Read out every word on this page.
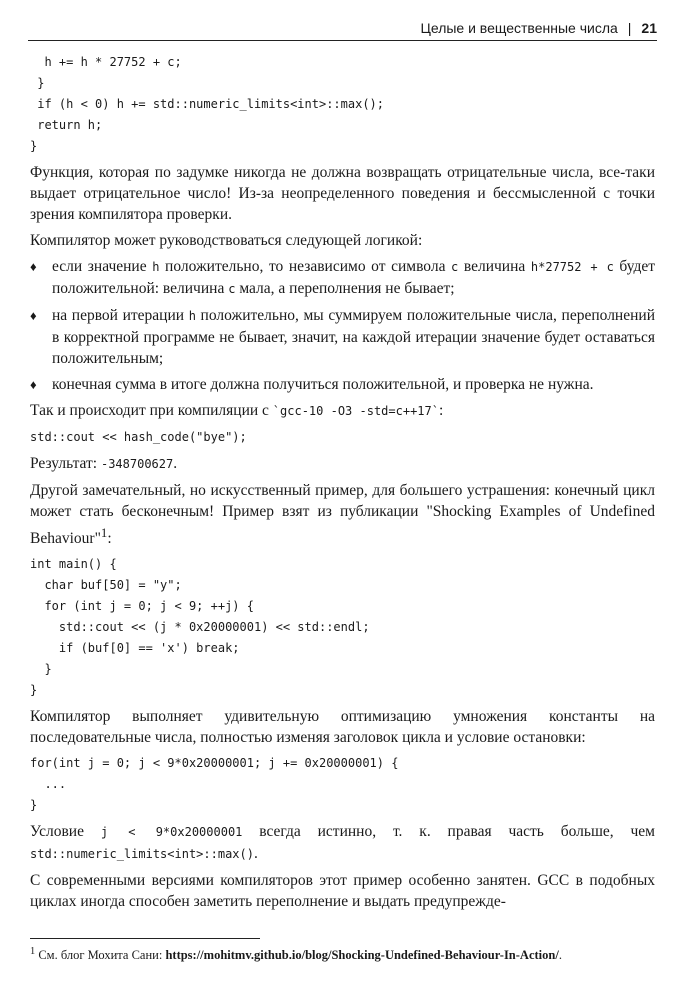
Целые и вещественные числа | 21
h += h * 27752 + c;
}
if (h < 0) h += std::numeric_limits<int>::max();
return h;
}

Функция, которая по задумке никогда не должна возвращать отрицательные числа, все-таки выдает отрицательное число! Из-за неопределенного поведения и бессмысленной с точки зрения компилятора проверки.

Компилятор может руководствоваться следующей логикой:

♦ если значение h положительно, то независимо от символа c величина h*27752 + c будет положительной: величина c мала, а переполнения не бывает;
♦ на первой итерации h положительно, мы суммируем положительные числа, переполнений в корректной программе не бывает, значит, на каждой итерации значение будет оставаться положительным;
♦ конечная сумма в итоге должна получиться положительной, и проверка не нужна.

Так и происходит при компиляции с `gcc-10 -O3 -std=c++17`:

std::cout << hash_code("bye");

Результат: -348700627.

Другой замечательный, но искусственный пример, для большего устрашения: конечный цикл может стать бесконечным! Пример взят из публикации "Shocking Examples of Undefined Behaviour"$^1$:

int main() {
char buf[50] = "y";
for (int j = 0; j < 9; ++j) {
std::cout << (j * 0x20000001) << std::endl;
if (buf[0] == 'x') break;
}
}

Компилятор выполняет удивительную оптимизацию умножения константы на последовательные числа, полностью изменяя заголовок цикла и условие остановки:

for(int j = 0; j < 9*0x20000001; j += 0x20000001) {
...
}

Условие j < 9*0x20000001 всегда истинно, т. к. правая часть больше, чем std::numeric_limits<int>::max().

С современными версиями компиляторов этот пример особенно занятен. GCC в подобных циклах иногда способен заметить переполнение и выдать предупрежде-

$^1$ См. блог Мохита Сани: https://mohitmv.github.io/blog/Shocking-Undefined-Behaviour-In-Action/.
